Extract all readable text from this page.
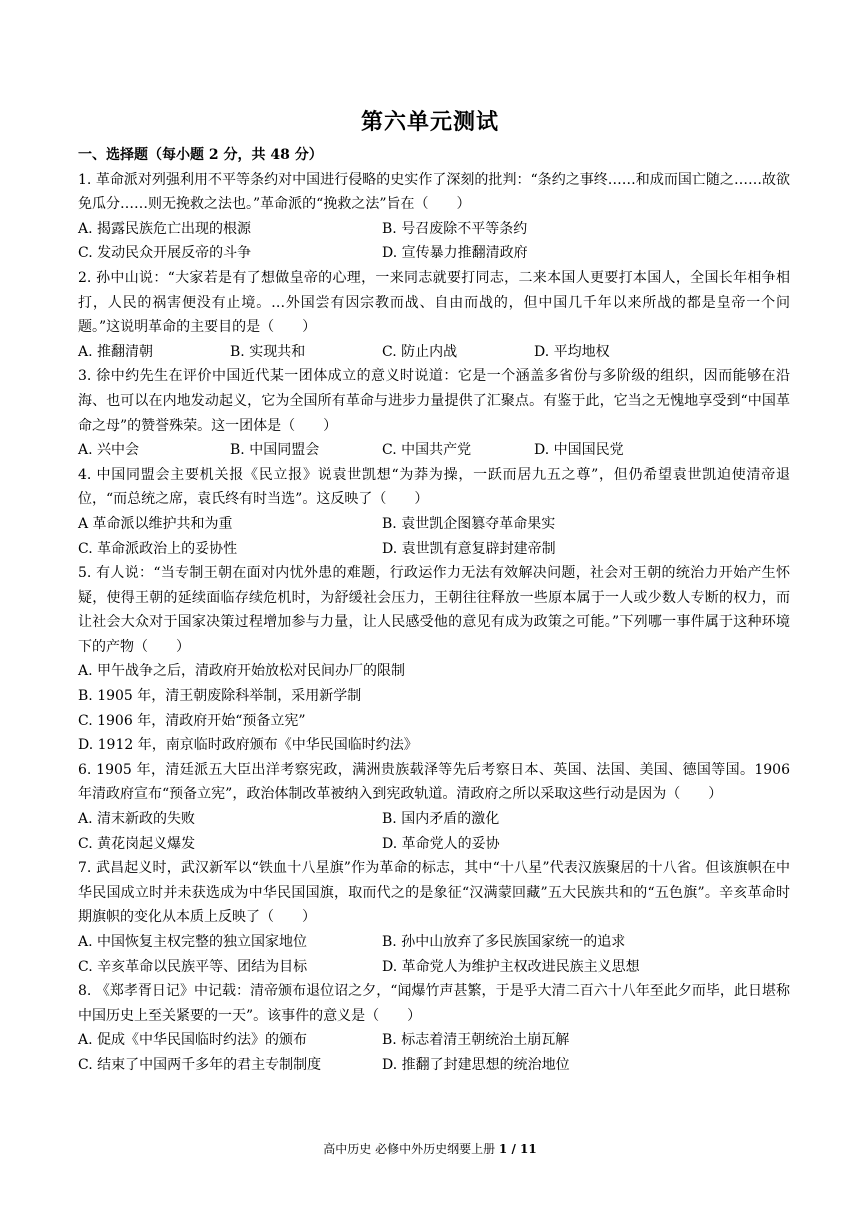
第六单元测试
一、选择题（每小题 2 分，共 48 分）

1. 革命派对列强利用不平等条约对中国进行侵略的史实作了深刻的批判：“条约之事终……和成而国亡随之……故欲免瓜分……则无挽救之法也。”革命派的“挽救之法”旨在（　　）

A. 揭露民族危亡出现的根源	B. 号召废除不平等条约
C. 发动民众开展反帝的斗争	D. 宣传暴力推翻清政府

2. 孙中山说：“大家若是有了想做皇帝的心理，一来同志就要打同志，二来本国人更要打本国人，全国长年相争相打，人民的祸害便没有止境。…外国尝有因宗教而战、自由而战的，但中国几千年以来所战的都是皇帝一个问题。”这说明革命的主要目的是（　　）

A. 推翻清朝	B. 实现共和	C. 防止内战	D. 平均地权

3. 徐中约先生在评价中国近代某一团体成立的意义时说道：它是一个涵盖多省份与多阶级的组织，因而能够在沿海、也可以在内地发动起义，它为全国所有革命与进步力量提供了汇聚点。有鉴于此，它当之无愧地享受到“中国革命之母”的赞誉殊荣。这一团体是（　　）

A. 兴中会	B. 中国同盟会	C. 中国共产党	D. 中国国民党

4. 中国同盟会主要机关报《民立报》说袁世凯想“为莽为操，一跃而居九五之尊”，但仍希望袁世凯迫使清帝退位，“而总统之席，袁氏终有时当选”。这反映了（　　）

A 革命派以维护共和为重	B. 袁世凯企图篡夺革命果实
C. 革命派政治上的妥协性	D. 袁世凯有意复辟封建帝制

5. 有人说：“当专制王朝在面对内忧外患的难题，行政运作力无法有效解决问题，社会对王朝的统治力开始产生怀疑，使得王朝的延续面临存续危机时，为舒缓社会压力，王朝往往释放一些原本属于一人或少数人专断的权力，而让社会大众对于国家决策过程增加参与力量，让人民感受他的意见有成为政策之可能。”下列哪一事件属于这种环境下的产物（　　）

A. 甲午战争之后，清政府开始放松对民间办厂的限制
B. 1905 年，清王朝废除科举制，采用新学制
C. 1906 年，清政府开始“预备立宪”
D. 1912 年，南京临时政府颁布《中华民国临时约法》

6. 1905 年，清廷派五大臣出洋考察宪政，满洲贵族载泽等先后考察日本、英国、法国、美国、德国等国。1906 年清政府宣布“预备立宪”，政治体制改革被纳入到宪政轨道。清政府之所以采取这些行动是因为（　　）

A. 清末新政的失败	B. 国内矛盾的激化
C. 黄花岗起义爆发	D. 革命党人的妥协

7. 武昌起义时，武汉新军以“铁血十八星旗”作为革命的标志，其中“十八星”代表汉族聚居的十八省。但该旗帜在中华民国成立时并未获选成为中华民国国旗，取而代之的是象征“汉满蒙回藏”五大民族共和的“五色旗”。辛亥革命时期旗帜的变化从本质上反映了（　　）

A. 中国恢复主权完整的独立国家地位	B. 孙中山放弃了多民族国家统一的追求
C. 辛亥革命以民族平等、团结为目标	D. 革命党人为维护主权改进民族主义思想

8. 《郑孝胥日记》中记载：清帝颁布退位诏之夕，“闻爆竹声甚繁，于是乎大清二百六十八年至此夕而毕，此日堪称中国历史上至关紧要的一天”。该事件的意义是（　　）

A. 促成《中华民国临时约法》的颁布	B. 标志着清王朝统治土崩瓦解
C. 结束了中国两千多年的君主专制制度	D. 推翻了封建思想的统治地位
高中历史 必修中外历史纲要上册 1 / 11
